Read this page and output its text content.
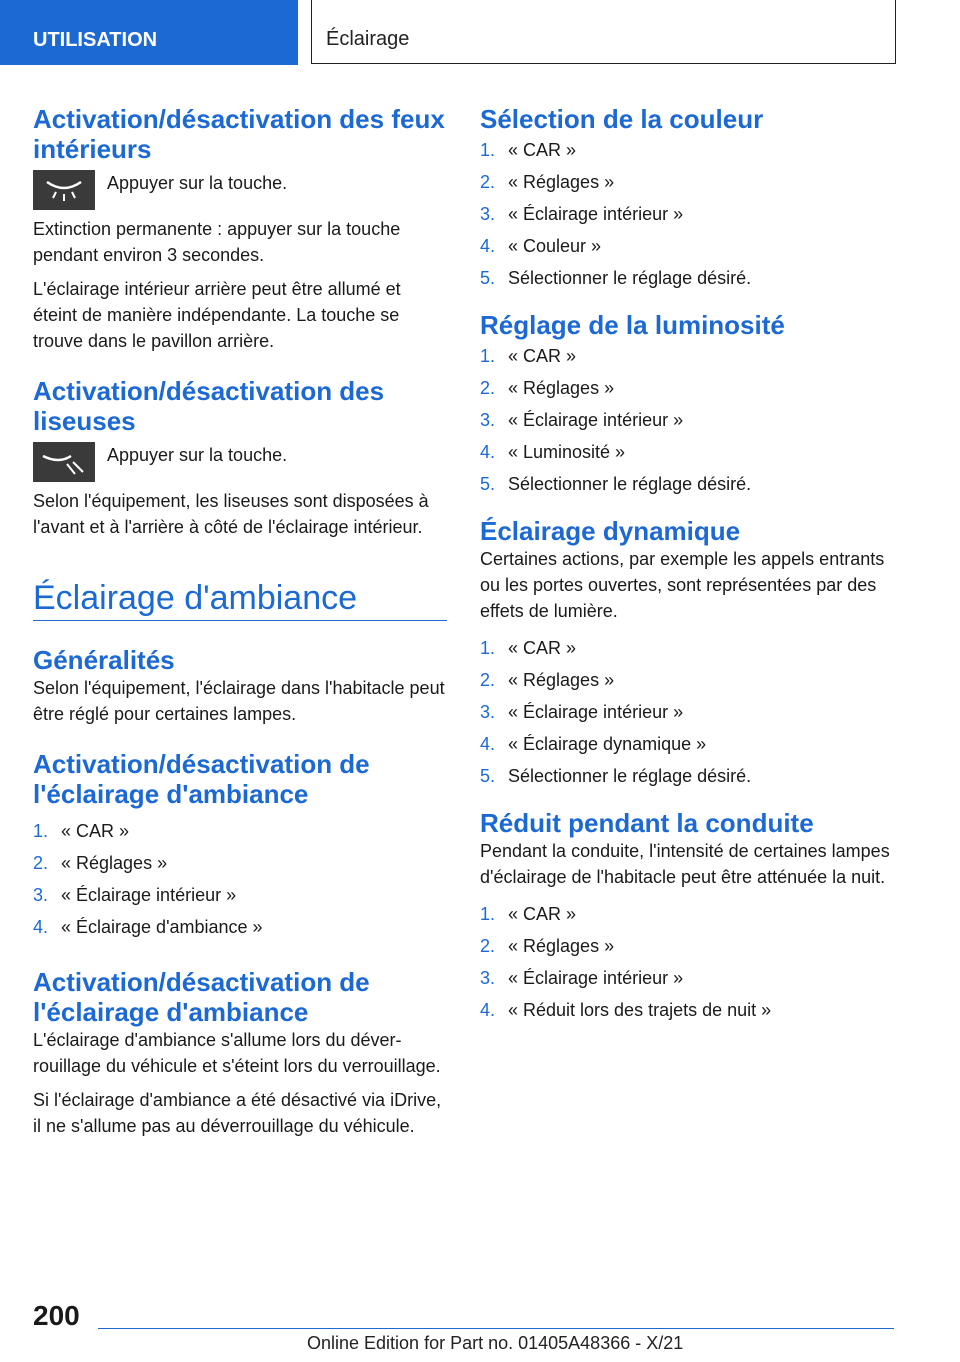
UTILISATION	Éclairage
Activation/désactivation des feux intérieurs

Appuyer sur la touche.

Extinction permanente : appuyer sur la touche pendant environ 3 secondes.

L'éclairage intérieur arrière peut être allumé et éteint de manière indépendante. La touche se trouve dans le pavillon arrière.

Activation/désactivation des liseuses

Appuyer sur la touche.

Selon l'équipement, les liseuses sont disposées à l'avant et à l'arrière à côté de l'éclairage intérieur.

Éclairage d'ambiance
Généralités

Selon l'équipement, l'éclairage dans l'habitacle peut être réglé pour certaines lampes.

Activation/désactivation de l'éclairage d'ambiance
1. « CAR »
2. « Réglages »
3. « Éclairage intérieur »
4. « Éclairage d'ambiance »
Activation/désactivation de l'éclairage d'ambiance

L'éclairage d'ambiance s'allume lors du déverrouillage du véhicule et s'éteint lors du verrouillage.

Si l'éclairage d'ambiance a été désactivé via iDrive, il ne s'allume pas au déverrouillage du véhicule.

Sélection de la couleur
1. « CAR »
2. « Réglages »
3. « Éclairage intérieur »
4. « Couleur »
5. Sélectionner le réglage désiré.
Réglage de la luminosité
1. « CAR »
2. « Réglages »
3. « Éclairage intérieur »
4. « Luminosité »
5. Sélectionner le réglage désiré.
Éclairage dynamique

Certaines actions, par exemple les appels entrants ou les portes ouvertes, sont représentées par des effets de lumière.

1. « CAR »
2. « Réglages »
3. « Éclairage intérieur »
4. « Éclairage dynamique »
5. Sélectionner le réglage désiré.
Réduit pendant la conduite

Pendant la conduite, l'intensité de certaines lampes d'éclairage de l'habitacle peut être atténuée la nuit.

1. « CAR »
2. « Réglages »
3. « Éclairage intérieur »
4. « Réduit lors des trajets de nuit »
200
Online Edition for Part no. 01405A48366 - X/21
